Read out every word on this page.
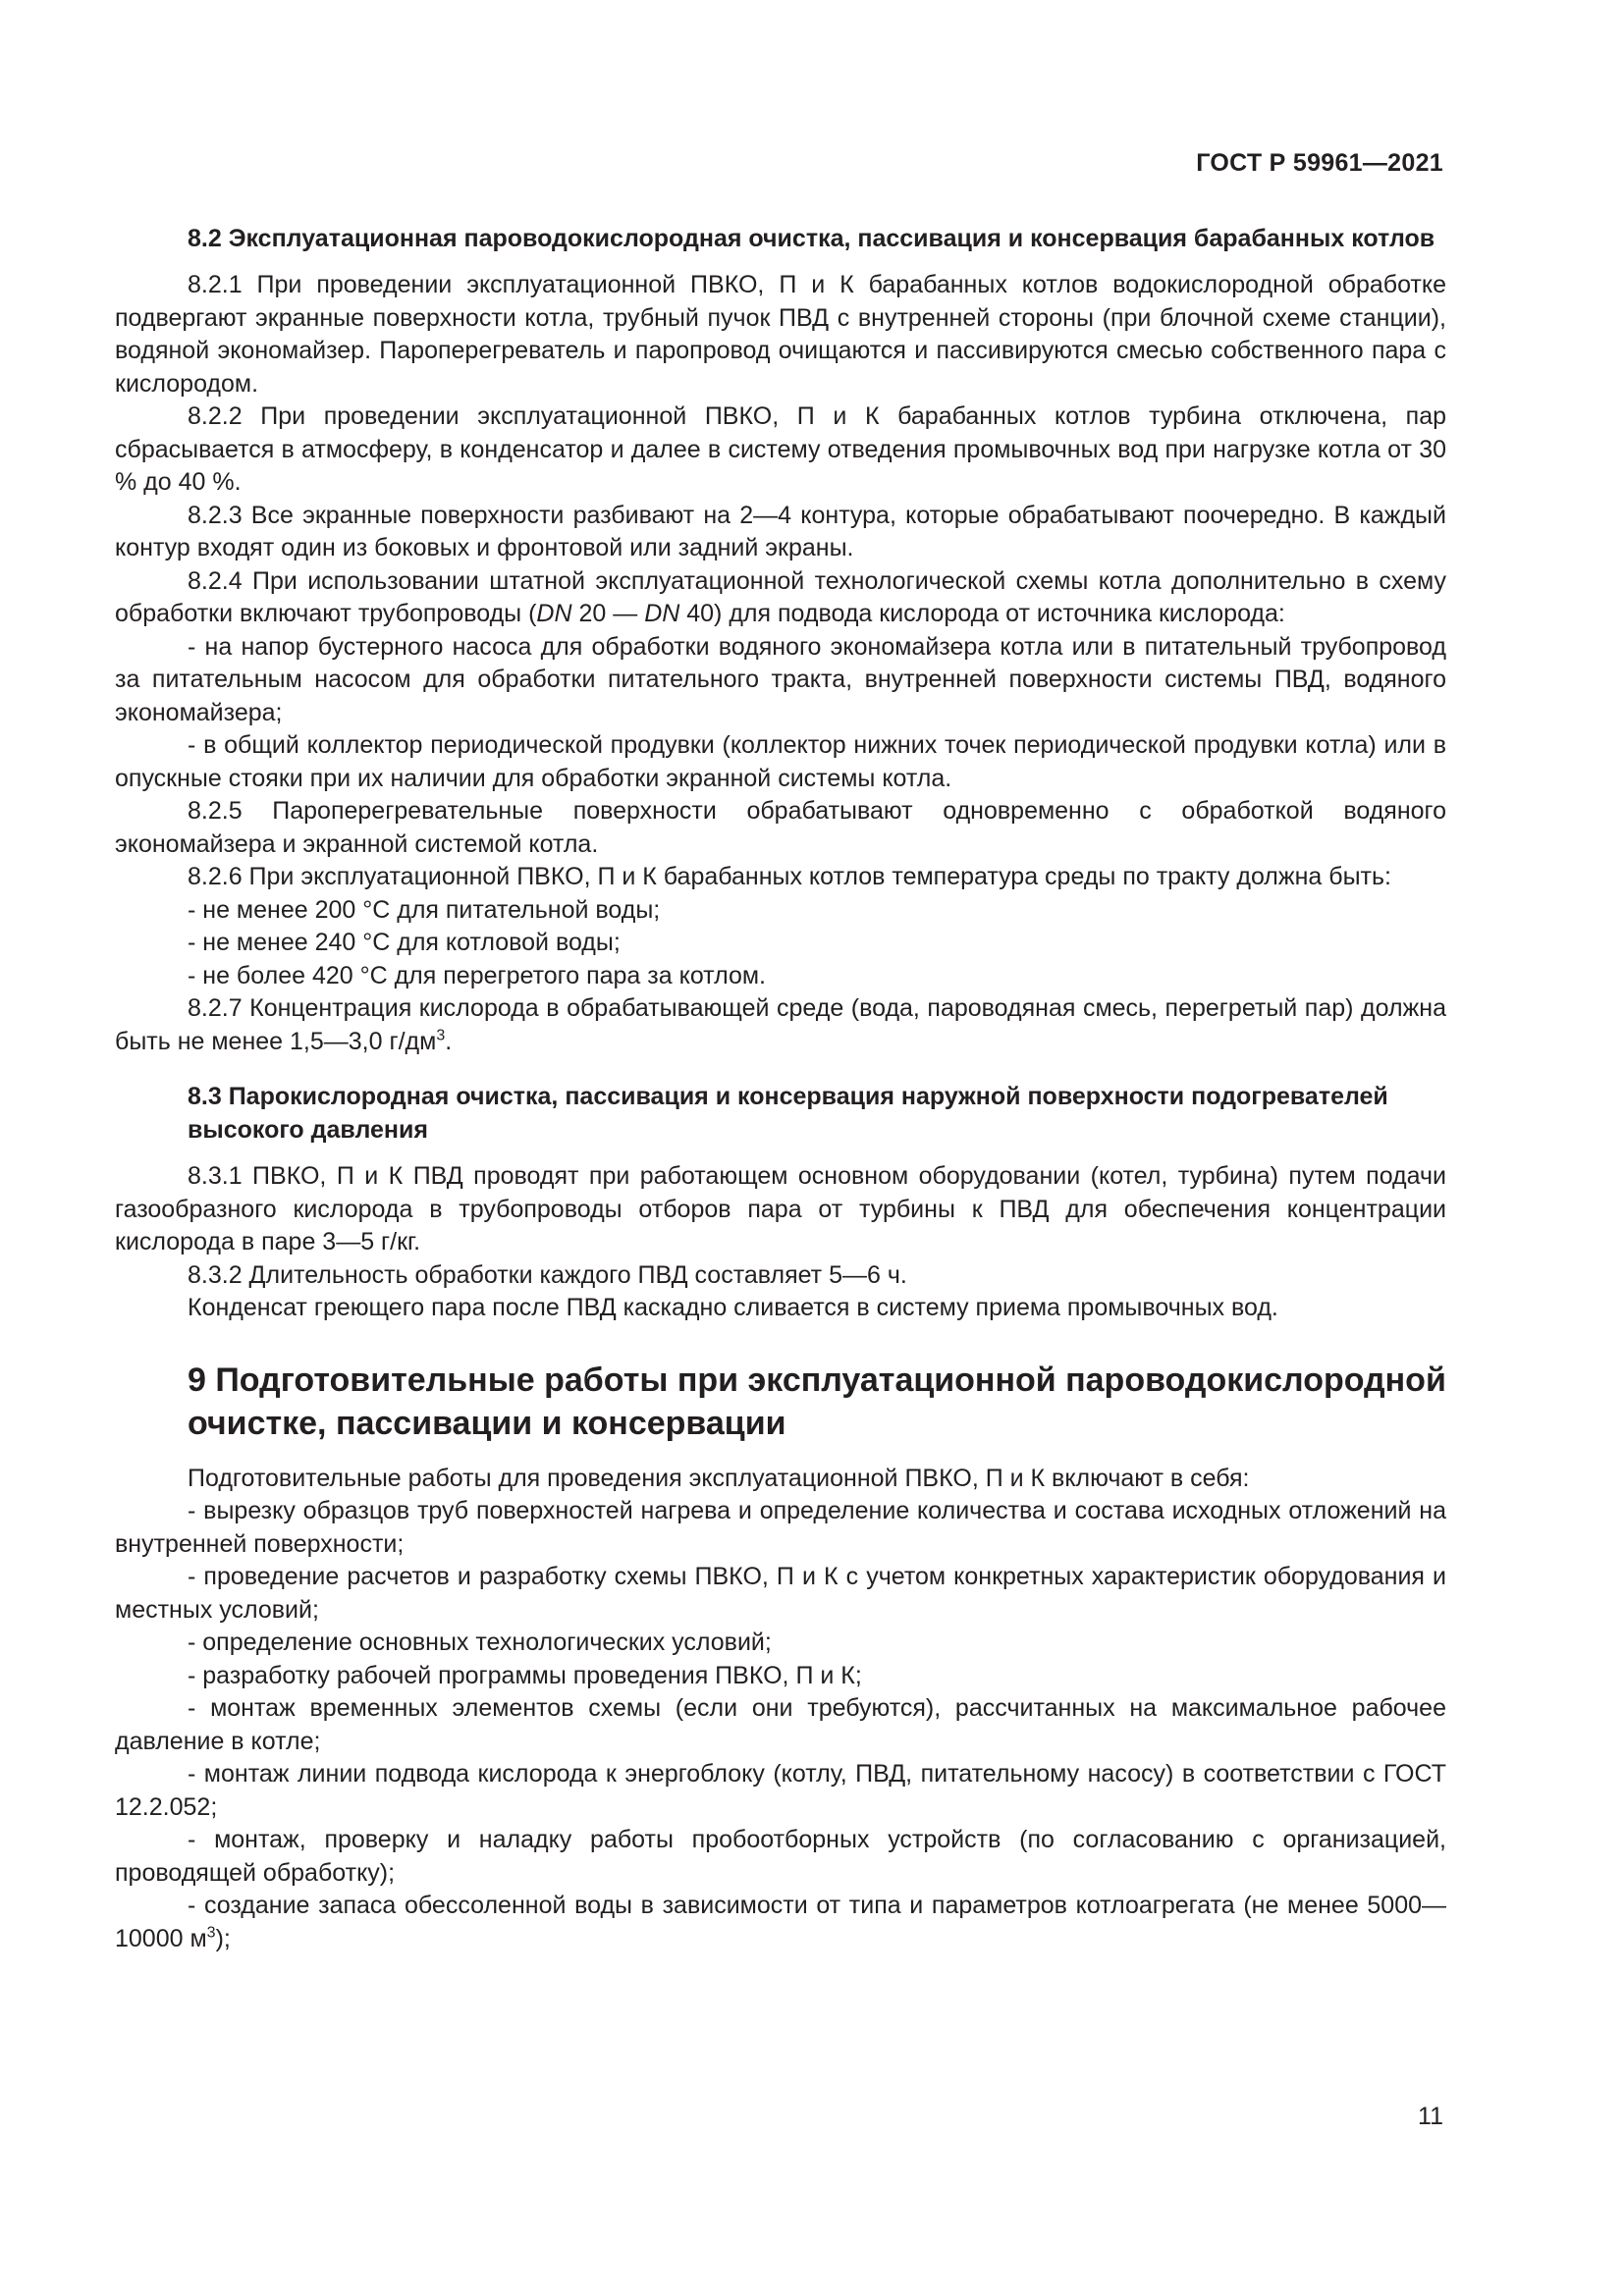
ГОСТ Р 59961—2021
8.2 Эксплуатационная пароводокислородная очистка, пассивация и консервация барабанных котлов

8.2.1 При проведении эксплуатационной ПВКО, П и К барабанных котлов водокислородной обработке подвергают экранные поверхности котла, трубный пучок ПВД с внутренней стороны (при блочной схеме станции), водяной экономайзер. Пароперегреватель и паропровод очищаются и пассивируются смесью собственного пара с кислородом.

8.2.2 При проведении эксплуатационной ПВКО, П и К барабанных котлов турбина отключена, пар сбрасывается в атмосферу, в конденсатор и далее в систему отведения промывочных вод при нагрузке котла от 30 % до 40 %.

8.2.3 Все экранные поверхности разбивают на 2—4 контура, которые обрабатывают поочередно. В каждый контур входят один из боковых и фронтовой или задний экраны.

8.2.4 При использовании штатной эксплуатационной технологической схемы котла дополнительно в схему обработки включают трубопроводы (DN 20 — DN 40) для подвода кислорода от источника кислорода:

- на напор бустерного насоса для обработки водяного экономайзера котла или в питательный трубопровод за питательным насосом для обработки питательного тракта, внутренней поверхности системы ПВД, водяного экономайзера;

- в общий коллектор периодической продувки (коллектор нижних точек периодической продувки котла) или в опускные стояки при их наличии для обработки экранной системы котла.

8.2.5 Пароперегревательные поверхности обрабатывают одновременно с обработкой водяного экономайзера и экранной системой котла.

8.2.6 При эксплуатационной ПВКО, П и К барабанных котлов температура среды по тракту должна быть:

- не менее 200 °С для питательной воды;

- не менее 240 °С для котловой воды;

- не более 420 °С для перегретого пара за котлом.

8.2.7 Концентрация кислорода в обрабатывающей среде (вода, пароводяная смесь, перегретый пар) должна быть не менее 1,5—3,0 $г/дм^3$.

8.3 Парокислородная очистка, пассивация и консервация наружной поверхности подогревателей высокого давления

8.3.1 ПВКО, П и К ПВД проводят при работающем основном оборудовании (котел, турбина) путем подачи газообразного кислорода в трубопроводы отборов пара от турбины к ПВД для обеспечения концентрации кислорода в паре 3—5 г/кг.

8.3.2 Длительность обработки каждого ПВД составляет 5—6 ч.

Конденсат греющего пара после ПВД каскадно сливается в систему приема промывочных вод.

9 Подготовительные работы при эксплуатационной пароводокислородной очистке, пассивации и консервации

Подготовительные работы для проведения эксплуатационной ПВКО, П и К включают в себя:

- вырезку образцов труб поверхностей нагрева и определение количества и состава исходных отложений на внутренней поверхности;

- проведение расчетов и разработку схемы ПВКО, П и К с учетом конкретных характеристик оборудования и местных условий;

- определение основных технологических условий;

- разработку рабочей программы проведения ПВКО, П и К;

- монтаж временных элементов схемы (если они требуются), рассчитанных на максимальное рабочее давление в котле;

- монтаж линии подвода кислорода к энергоблоку (котлу, ПВД, питательному насосу) в соответствии с ГОСТ 12.2.052;

- монтаж, проверку и наладку работы пробоотборных устройств (по согласованию с организацией, проводящей обработку);

- создание запаса обессоленной воды в зависимости от типа и параметров котлоагрегата (не менее 5000—10000 $м^3$);

11
